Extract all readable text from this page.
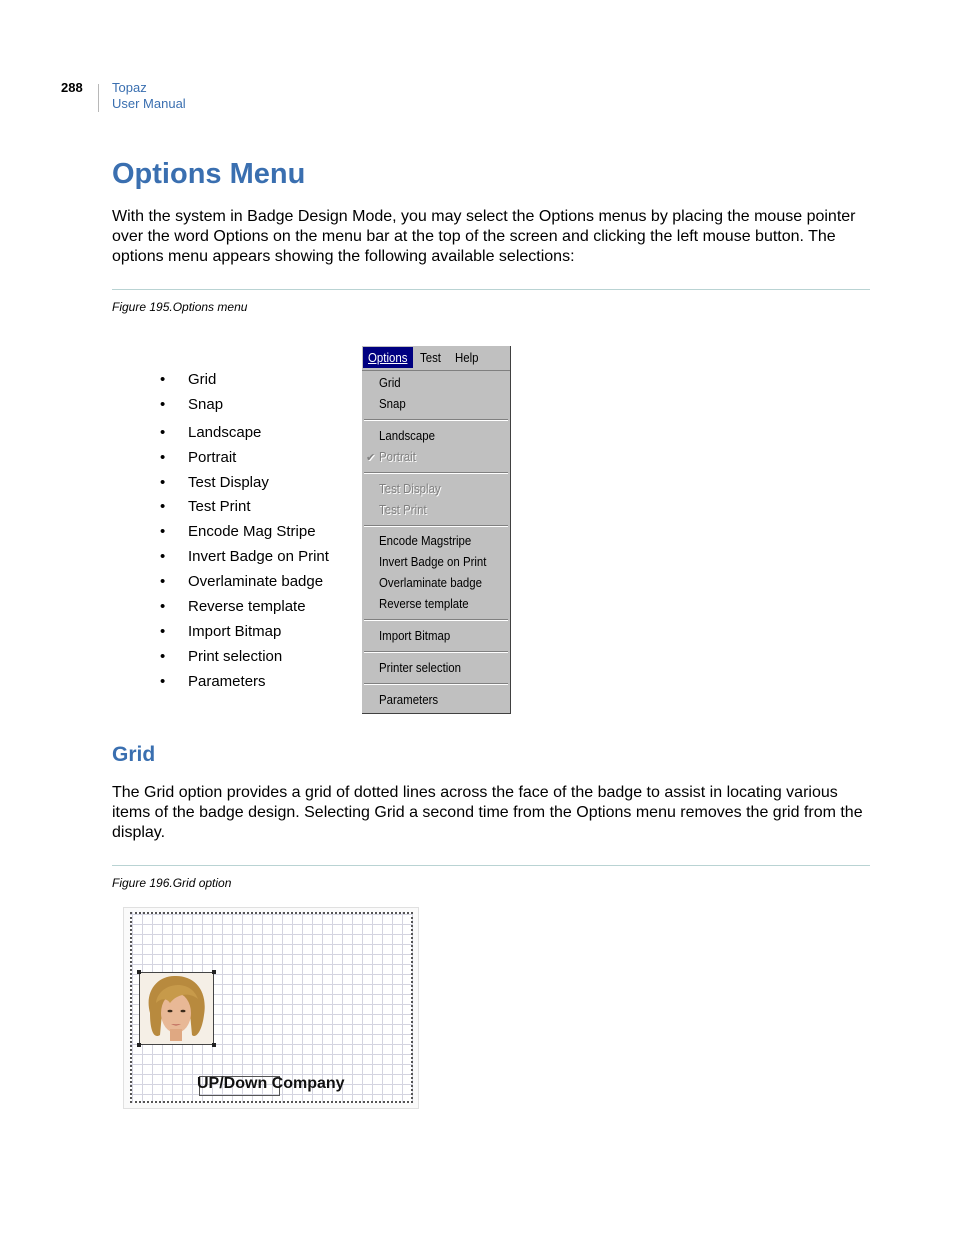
288 Topaz
User Manual
Options Menu

With the system in Badge Design Mode, you may select the Options menus by placing the mouse pointer over the word Options on the menu bar at the top of the screen and clicking the left mouse button. The options menu appears showing the following available selections:

Figure 195.Options menu
•	Grid
•	Snap
•	Landscape
•	Portrait
•	Test Display
•	Test Print
•	Encode Mag Stripe
•	Invert Badge on Print
•	Overlaminate badge
•	Reverse template
•	Import Bitmap
•	Print selection
•	Parameters
Options Test Help
Grid
Snap
Landscape
✔ Portrait
Test Display
Test Print
Encode Magstripe
Invert Badge on Print
Overlaminate badge
Reverse template
Import Bitmap
Printer selection
Parameters
Grid

The Grid option provides a grid of dotted lines across the face of the badge to assist in locating various items of the badge design. Selecting Grid a second time from the Options menu removes the grid from the display.

Figure 196.Grid option
UP/Down Company
